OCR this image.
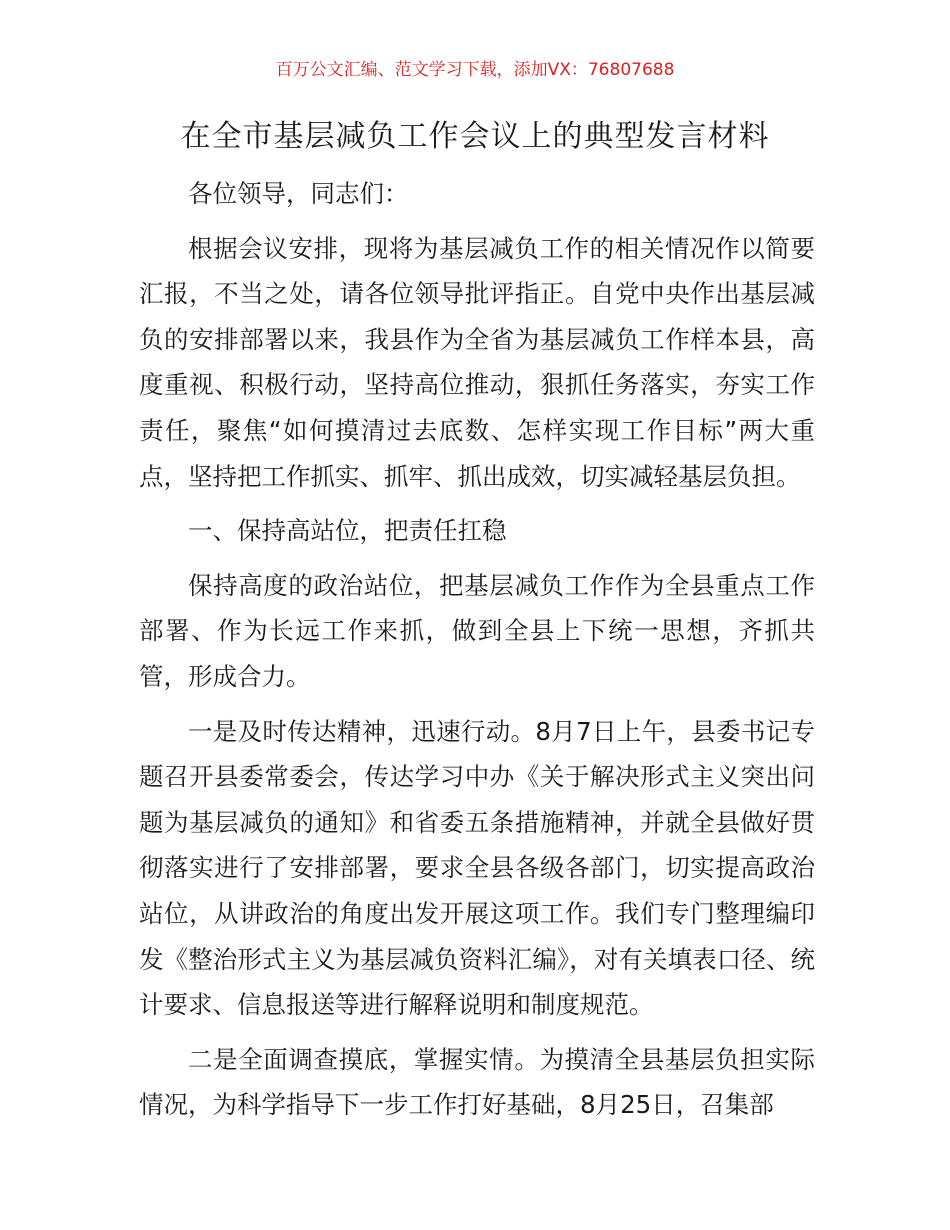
百万公文汇编、范文学习下载，添加VX：76807688
在全市基层减负工作会议上的典型发言材料

各位领导，同志们：

根据会议安排，现将为基层减负工作的相关情况作以简要汇报，不当之处，请各位领导批评指正。自党中央作出基层减负的安排部署以来，我县作为全省为基层减负工作样本县，高度重视、积极行动，坚持高位推动，狠抓任务落实，夯实工作责任，聚焦“如何摸清过去底数、怎样实现工作目标”两大重点，坚持把工作抓实、抓牢、抓出成效，切实减轻基层负担。

一、保持高站位，把责任扛稳

保持高度的政治站位，把基层减负工作作为全县重点工作部署、作为长远工作来抓，做到全县上下统一思想，齐抓共管，形成合力。

一是及时传达精神，迅速行动。8月7日上午，县委书记专题召开县委常委会，传达学习中办《关于解决形式主义突出问题为基层减负的通知》和省委五条措施精神，并就全县做好贯彻落实进行了安排部署，要求全县各级各部门，切实提高政治站位，从讲政治的角度出发开展这项工作。我们专门整理编印发《整治形式主义为基层减负资料汇编》，对有关填表口径、统计要求、信息报送等进行解释说明和制度规范。

二是全面调查摸底，掌握实情。为摸清全县基层负担实际情况，为科学指导下一步工作打好基础，8月25日，召集部
